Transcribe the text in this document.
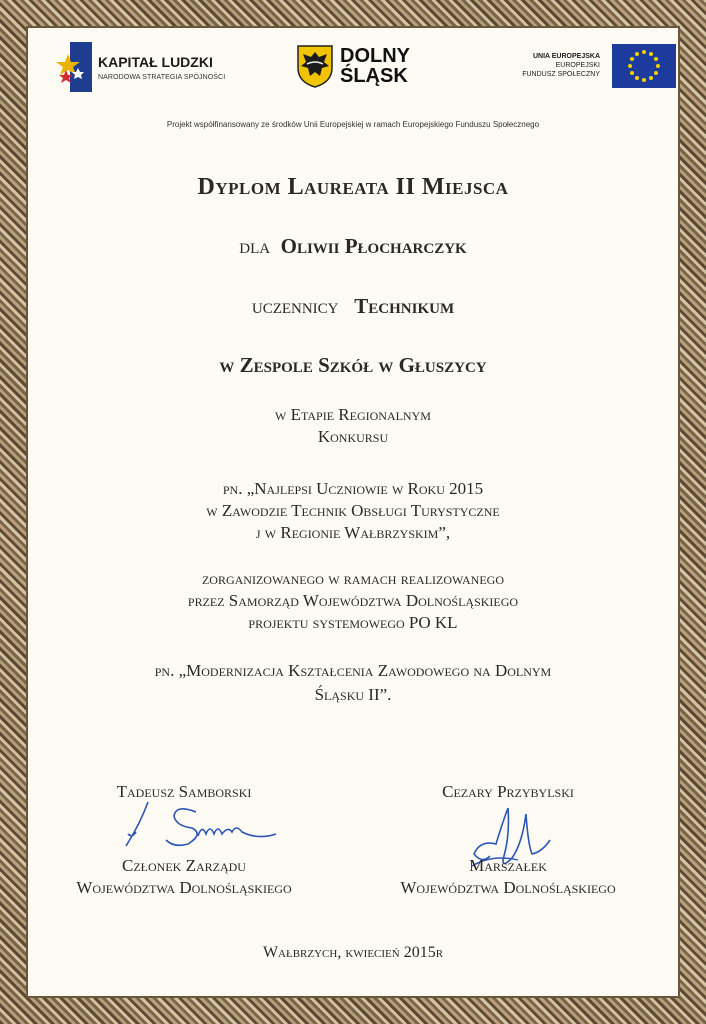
KAPITAŁ LUDZKI
NARODOWA STRATEGIA SPÓJNOŚCI
DOLNY
ŚLĄSK
UNIA EUROPEJSKA
EUROPEJSKI
FUNDUSZ SPOŁECZNY
Projekt współfinansowany ze środków Unii Europejskiej w ramach Europejskiego Funduszu Społecznego
Dyplom Laureata II Miejsca
dla Oliwii Płocharczyk
uczennicy Technikum
w Zespole Szkół w Głuszycy
w Etapie Regionalnym
Konkursu
pn. „Najlepsi Uczniowie w Roku 2015
w Zawodzie Technik Obsługi Turystyczne
j w Regionie Wałbrzyskim”,
zorganizowanego w ramach realizowanego
przez Samorząd Województwa Dolnośląskiego
projektu systemowego PO KL
pn. „Modernizacja Kształcenia Zawodowego na Dolnym
Śląsku II”.
Tadeusz Samborski	Cezary Przybylski
Członek Zarządu
Województwa Dolnośląskiego
Marszałek
Województwa Dolnośląskiego
Wałbrzych, kwiecień 2015r
